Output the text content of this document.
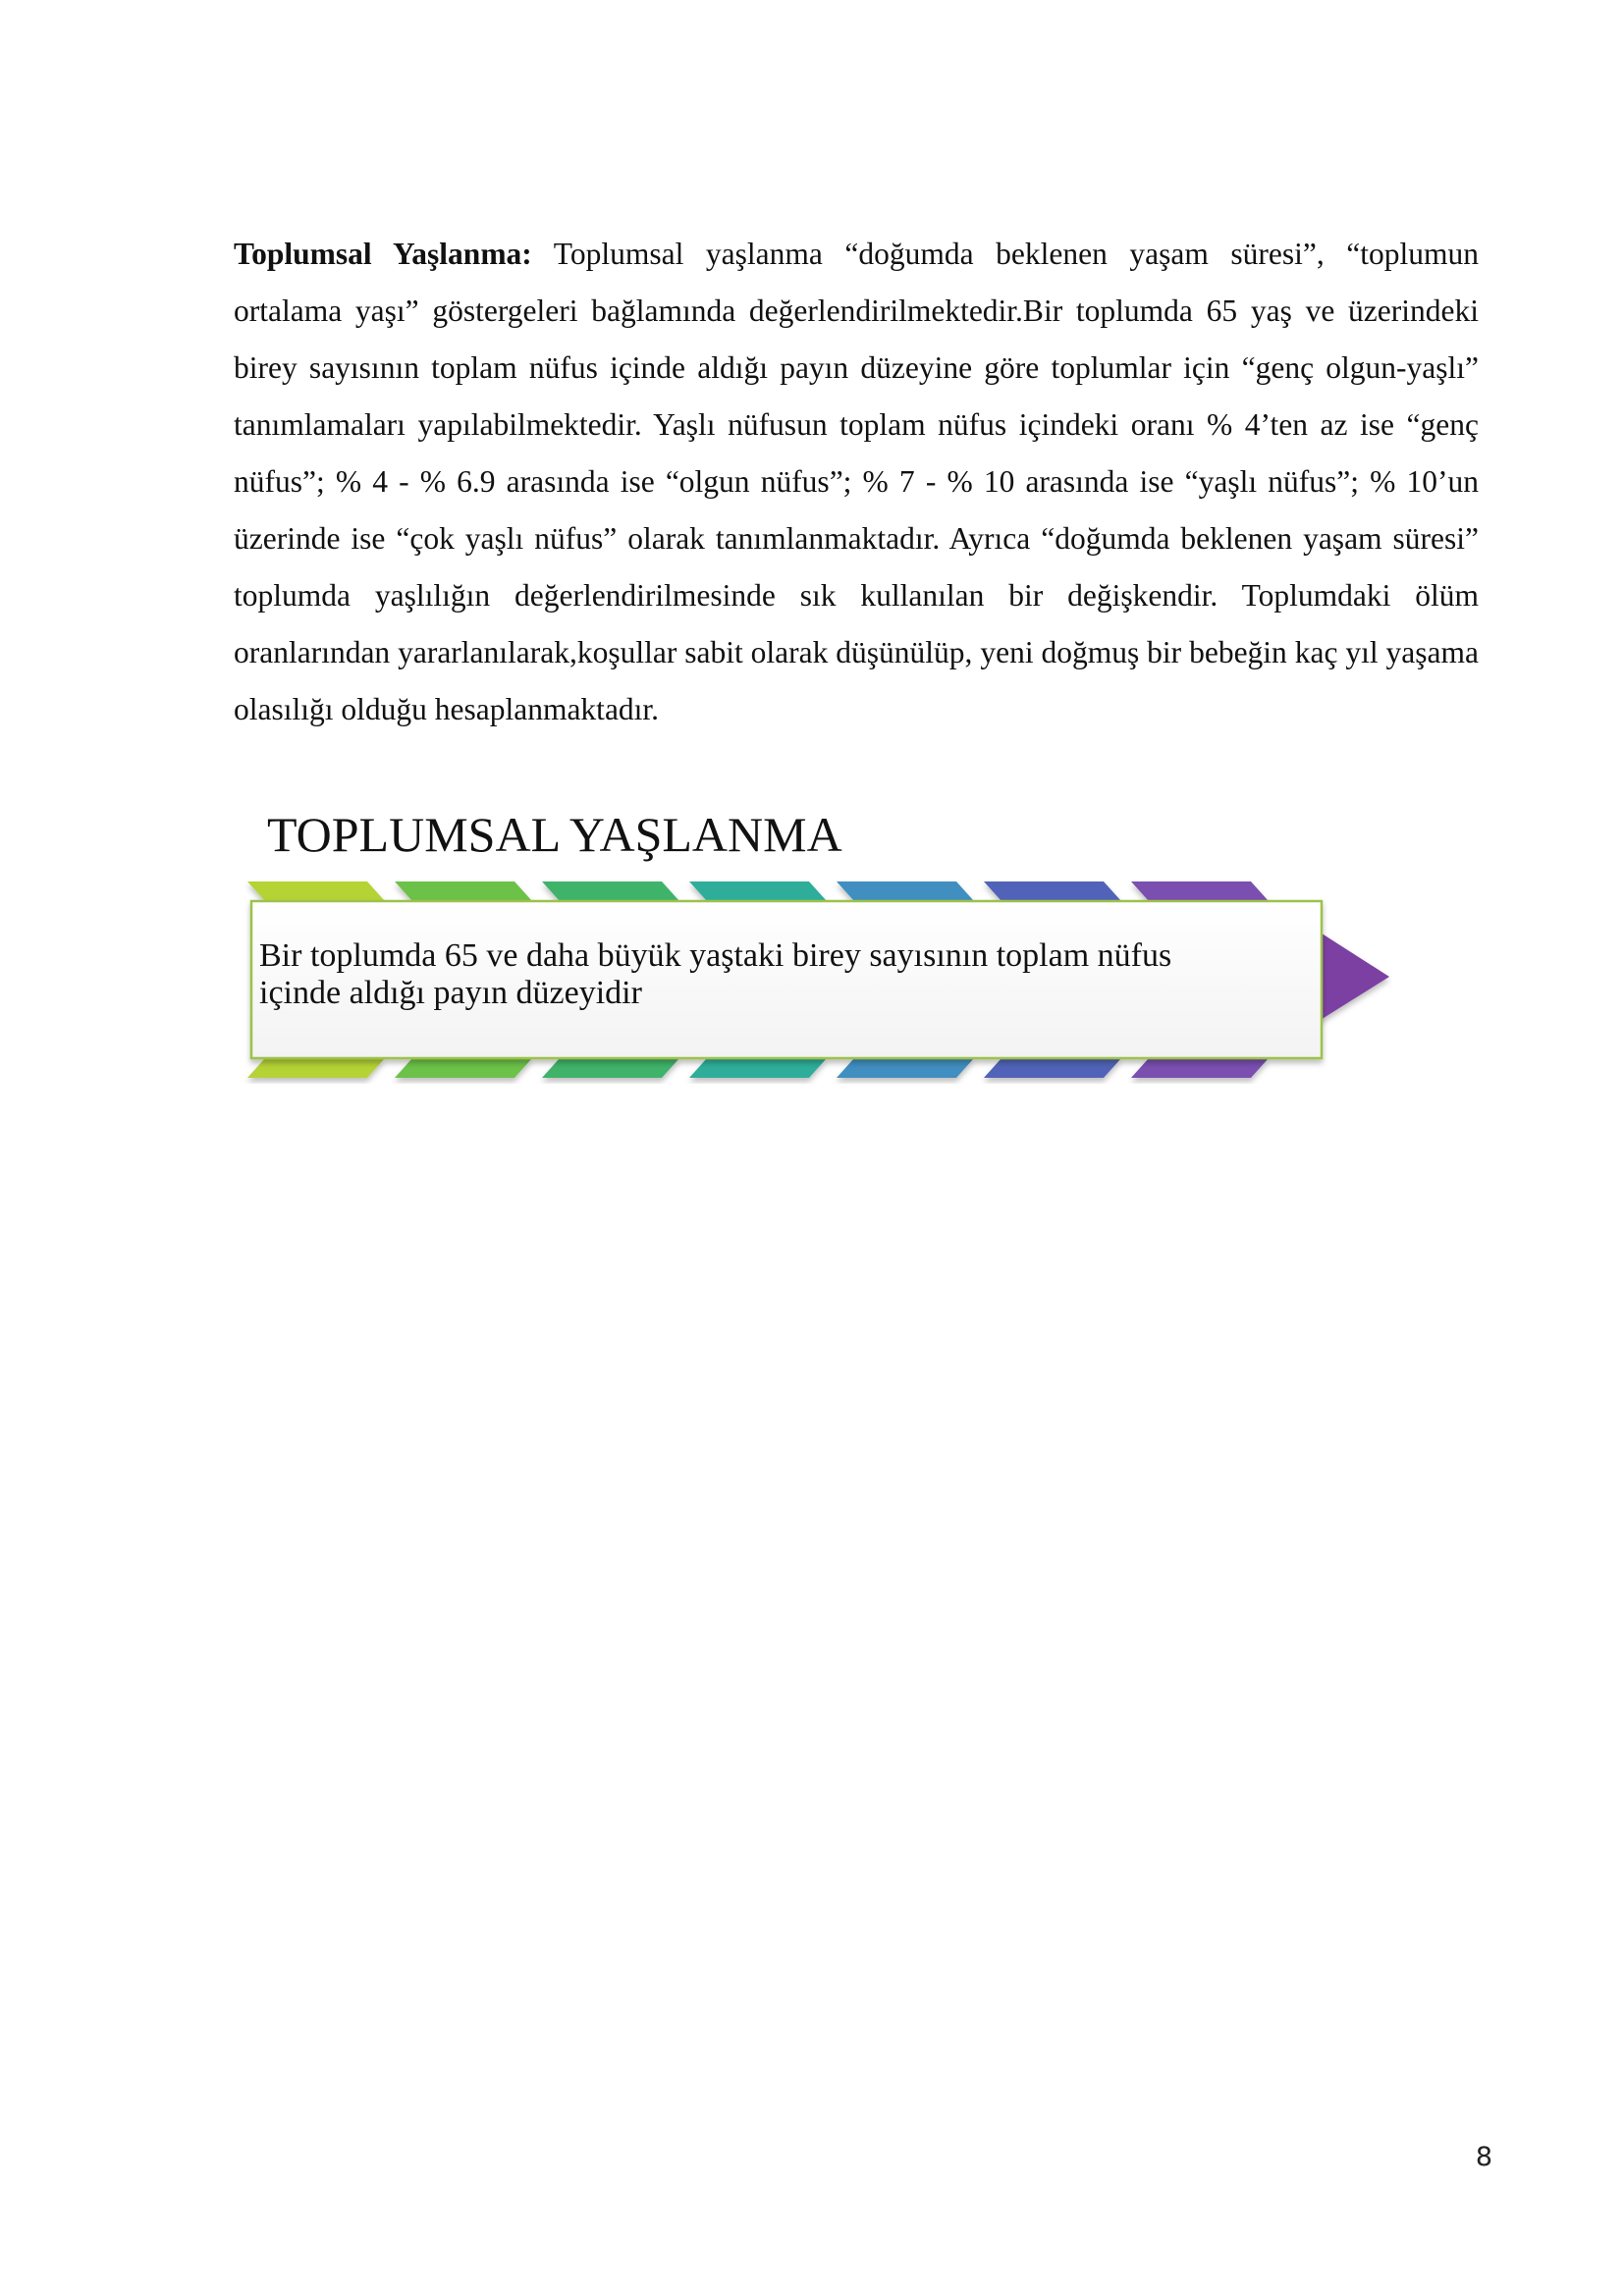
Toplumsal Yaşlanma: Toplumsal yaşlanma “doğumda beklenen yaşam süresi”, “toplumun ortalama yaşı” göstergeleri bağlamında değerlendirilmektedir.Bir toplumda 65 yaş ve üzerindeki birey sayısının toplam nüfus içinde aldığı payın düzeyine göre toplumlar için “genç olgun-yaşlı” tanımlamaları yapılabilmektedir. Yaşlı nüfusun toplam nüfus içindeki oranı % 4’ten az ise “genç nüfus”; % 4 - % 6.9 arasında ise “olgun nüfus”; % 7 - % 10 arasında ise “yaşlı nüfus”; % 10’un üzerinde ise “çok yaşlı nüfus” olarak tanımlanmaktadır. Ayrıca “doğumda beklenen yaşam süresi” toplumda yaşlılığın değerlendirilmesinde sık kullanılan bir değişkendir. Toplumdaki ölüm oranlarından yararlanılarak,koşullar sabit olarak düşünülüp, yeni doğmuş bir bebeğin kaç yıl yaşama olasılığı olduğu hesaplanmaktadır.

TOPLUMSAL YAŞLANMA

Bir toplumda 65 ve daha büyük yaştaki birey sayısının toplam nüfus içinde aldığı payın düzeyidir

8
